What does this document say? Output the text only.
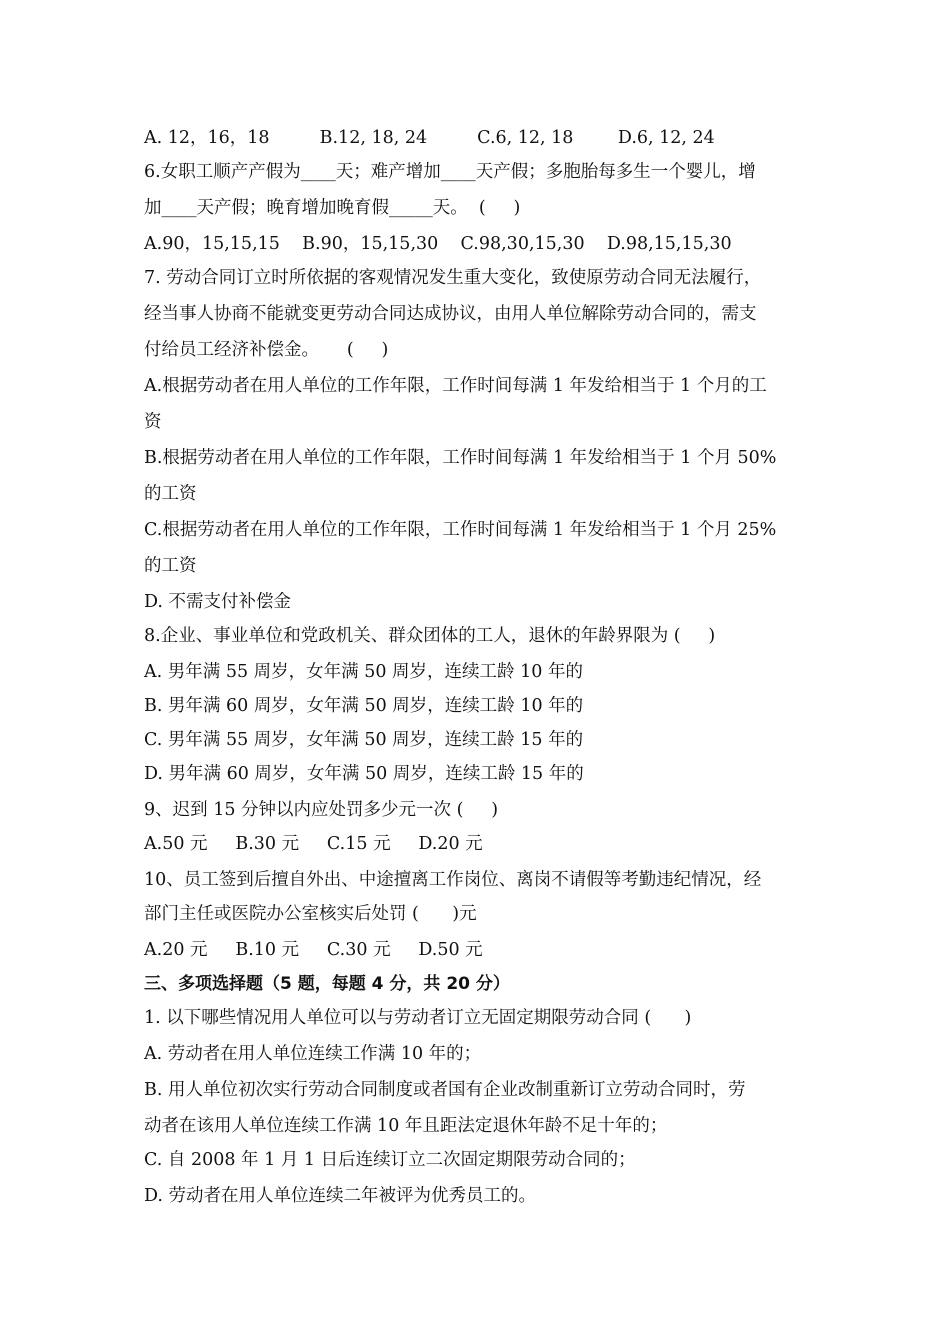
A. 12，16，18         B.12, 18, 24         C.6, 12, 18        D.6, 12, 24
6.女职工顺产产假为____天；难产增加____天产假；多胞胎每多生一个婴儿，增
加____天产假；晚育增加晚育假_____天。  (     )
A.90，15,15,15    B.90，15,15,30    C.98,30,15,30    D.98,15,15,30
7. 劳动合同订立时所依据的客观情况发生重大变化，致使原劳动合同无法履行，
经当事人协商不能就变更劳动合同达成协议，由用人单位解除劳动合同的，需支
付给员工经济补偿金。     (     )
A.根据劳动者在用人单位的工作年限，工作时间每满 1 年发给相当于 1 个月的工
资
B.根据劳动者在用人单位的工作年限，工作时间每满 1 年发给相当于 1 个月 50%
的工资
C.根据劳动者在用人单位的工作年限，工作时间每满 1 年发给相当于 1 个月 25%
的工资
D. 不需支付补偿金
8.企业、事业单位和党政机关、群众团体的工人，退休的年龄界限为 (     )
A. 男年满 55 周岁，女年满 50 周岁，连续工龄 10 年的
B. 男年满 60 周岁，女年满 50 周岁，连续工龄 10 年的
C. 男年满 55 周岁，女年满 50 周岁，连续工龄 15 年的
D. 男年满 60 周岁，女年满 50 周岁，连续工龄 15 年的
9、迟到 15 分钟以内应处罚多少元一次 (     )
A.50 元     B.30 元     C.15 元     D.20 元
10、员工签到后擅自外出、中途擅离工作岗位、离岗不请假等考勤违纪情况，经
部门主任或医院办公室核实后处罚 (      )元
A.20 元     B.10 元     C.30 元     D.50 元
三、多项选择题（5 题，每题 4 分，共 20 分）
1. 以下哪些情况用人单位可以与劳动者订立无固定期限劳动合同 (      )
A. 劳动者在用人单位连续工作满 10 年的；
B. 用人单位初次实行劳动合同制度或者国有企业改制重新订立劳动合同时，劳
动者在该用人单位连续工作满 10 年且距法定退休年龄不足十年的；
C. 自 2008 年 1 月 1 日后连续订立二次固定期限劳动合同的；
D. 劳动者在用人单位连续二年被评为优秀员工的。
